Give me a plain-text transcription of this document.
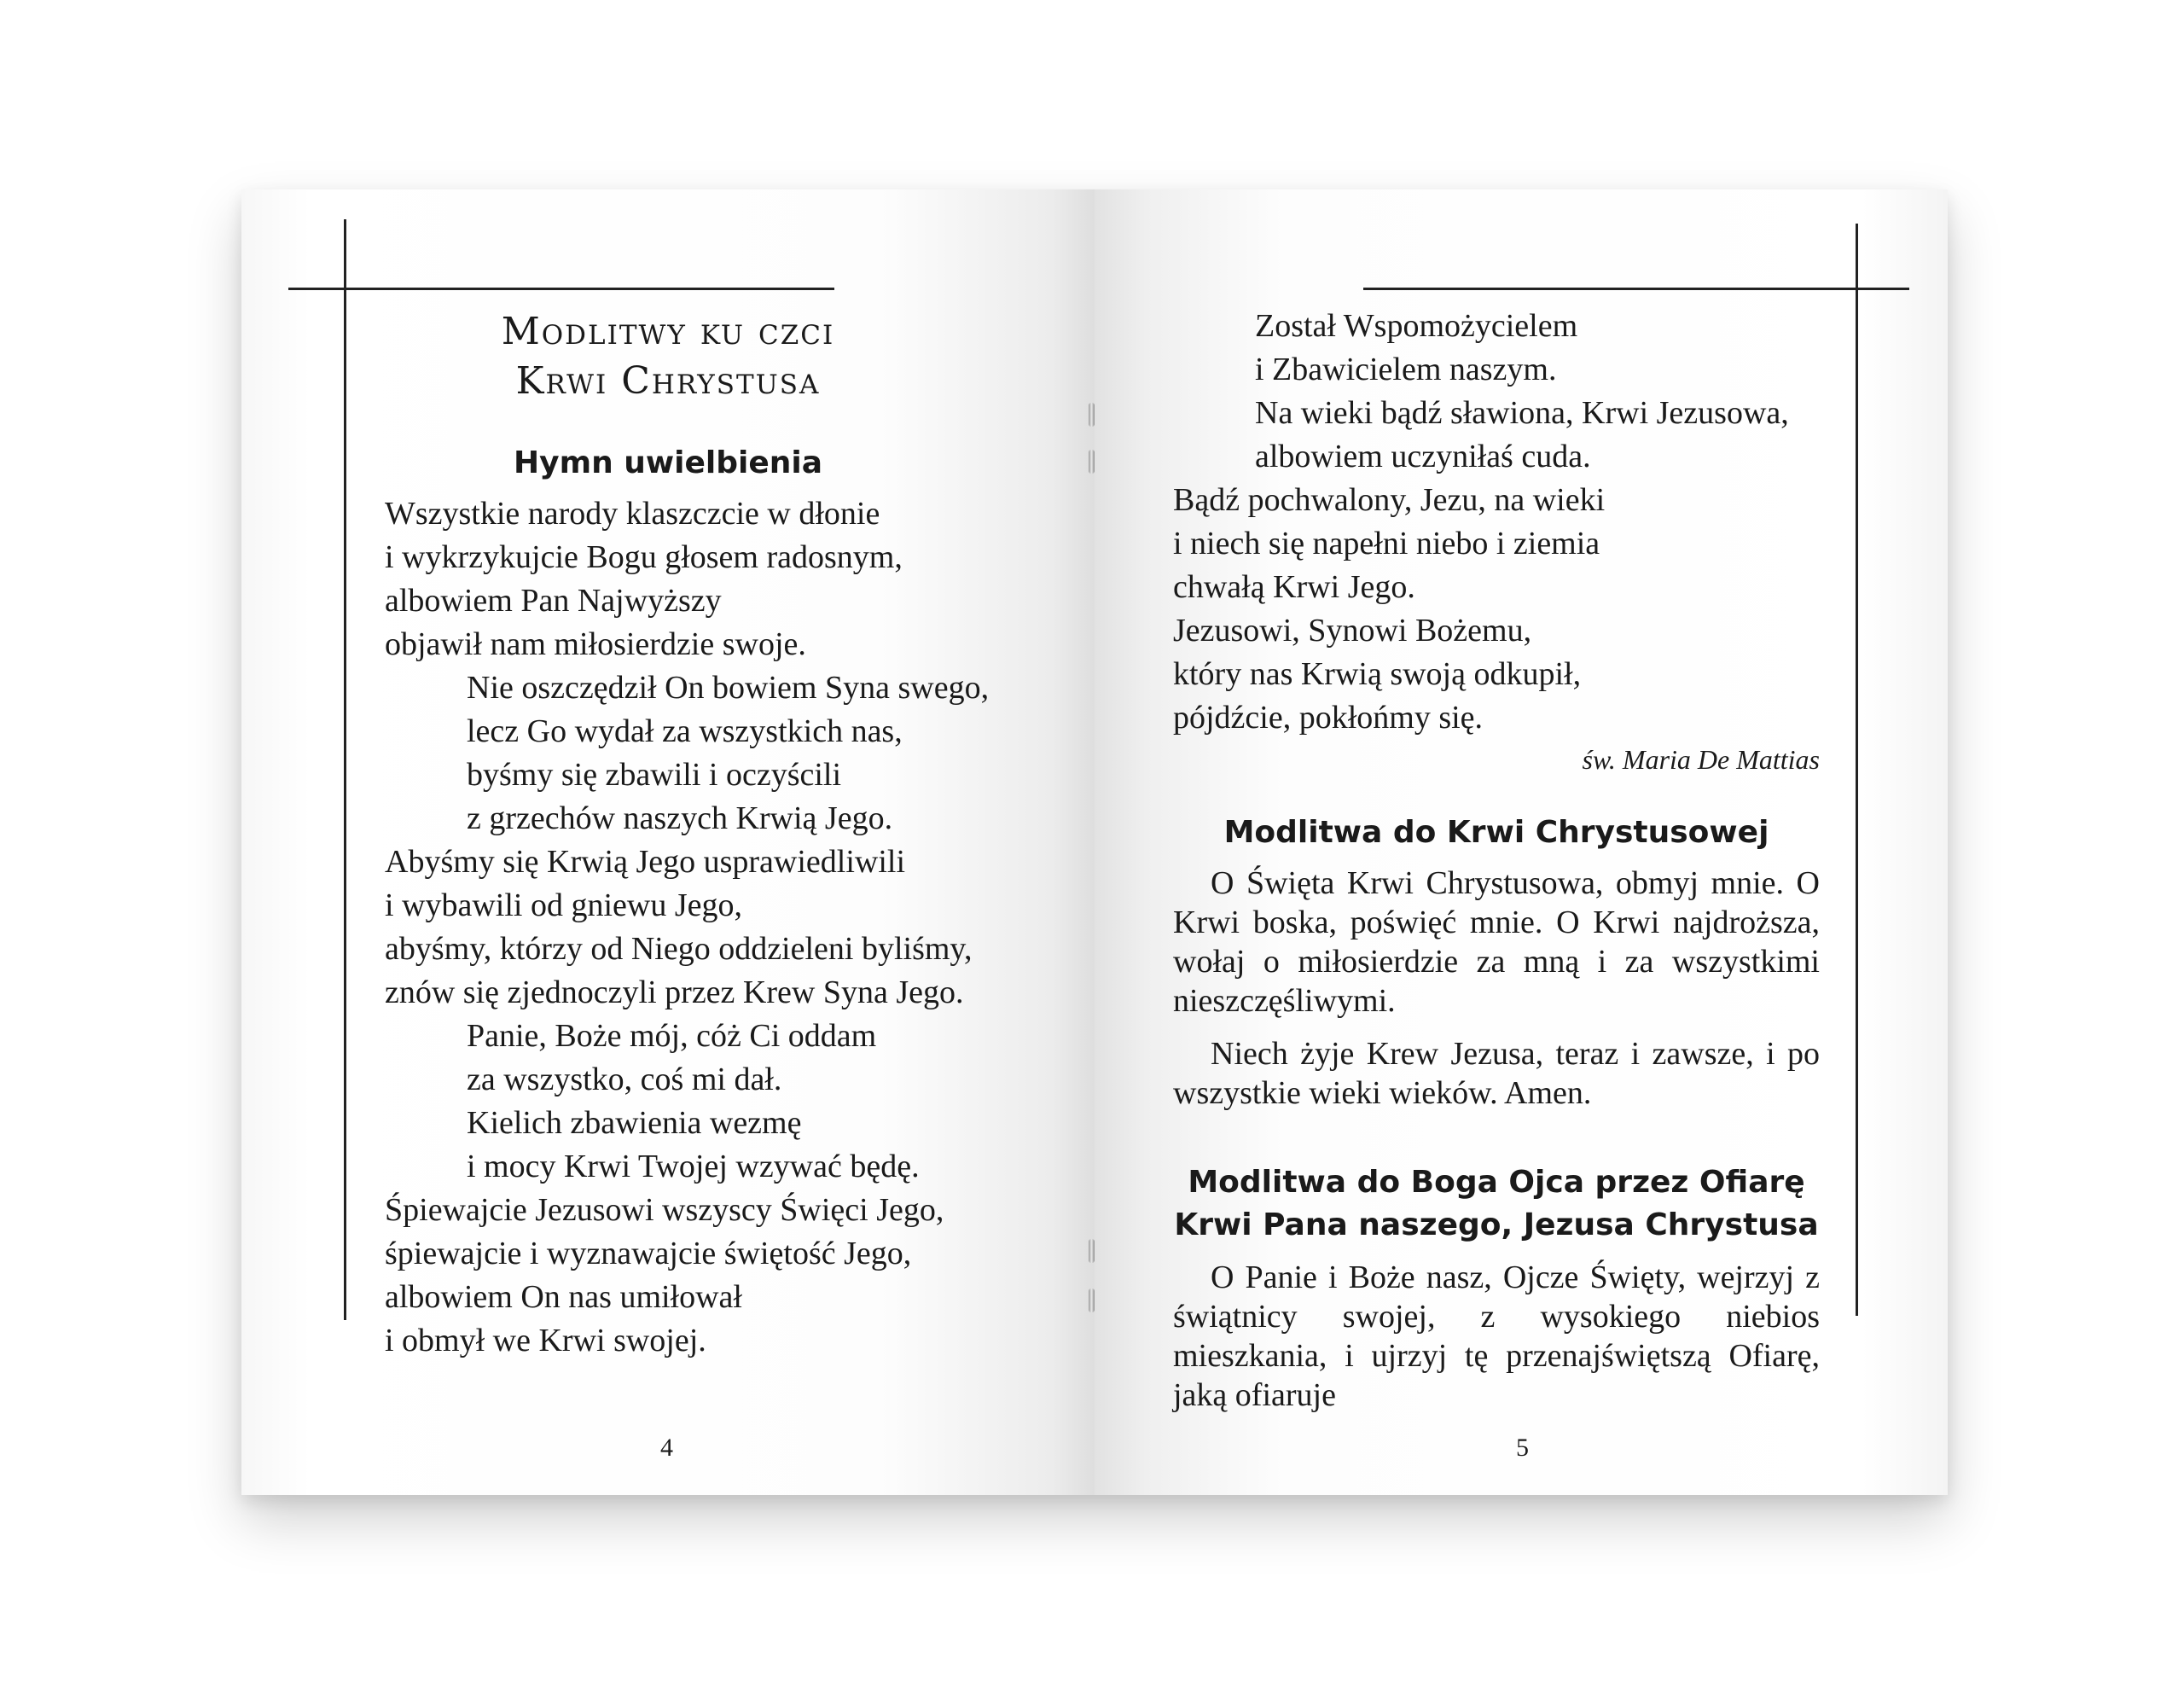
Modlitwy ku czci
Krwi Chrystusa
Hymn uwielbienia
Wszystkie narody klaszczcie w dłonie
i wykrzykujcie Bogu głosem radosnym,
albowiem Pan Najwyższy
objawił nam miłosierdzie swoje.
Nie oszczędził On bowiem Syna swego,
lecz Go wydał za wszystkich nas,
byśmy się zbawili i oczyścili
z grzechów naszych Krwią Jego.
Abyśmy się Krwią Jego usprawiedliwili
i wybawili od gniewu Jego,
abyśmy, którzy od Niego oddzieleni byliśmy,
znów się zjednoczyli przez Krew Syna Jego.
Panie, Boże mój, cóż Ci oddam
za wszystko, coś mi dał.
Kielich zbawienia wezmę
i mocy Krwi Twojej wzywać będę.
Śpiewajcie Jezusowi wszyscy Święci Jego,
śpiewajcie i wyznawajcie świętość Jego,
albowiem On nas umiłował
i obmył we Krwi swojej.
4
Został Wspomożycielem
i Zbawicielem naszym.
Na wieki bądź sławiona, Krwi Jezusowa,
albowiem uczyniłaś cuda.
Bądź pochwalony, Jezu, na wieki
i niech się napełni niebo i ziemia
chwałą Krwi Jego.
Jezusowi, Synowi Bożemu,
który nas Krwią swoją odkupił,
pójdźcie, pokłońmy się.
św. Maria De Mattias
Modlitwa do Krwi Chrystusowej
O Święta Krwi Chrystusowa, obmyj mnie. O Krwi boska, poświęć mnie. O Krwi najdroższa, wołaj o miłosierdzie za mną i za wszystkimi nieszczęśliwymi.
Niech żyje Krew Jezusa, teraz i zawsze, i po wszystkie wieki wieków. Amen.
Modlitwa do Boga Ojca przez Ofiarę
Krwi Pana naszego, Jezusa Chrystusa
O Panie i Boże nasz, Ojcze Święty, wejrzyj z świątnicy swojej, z wysokiego niebios mieszkania, i ujrzyj tę przenajświętszą Ofiarę, jaką ofiaruje
5
